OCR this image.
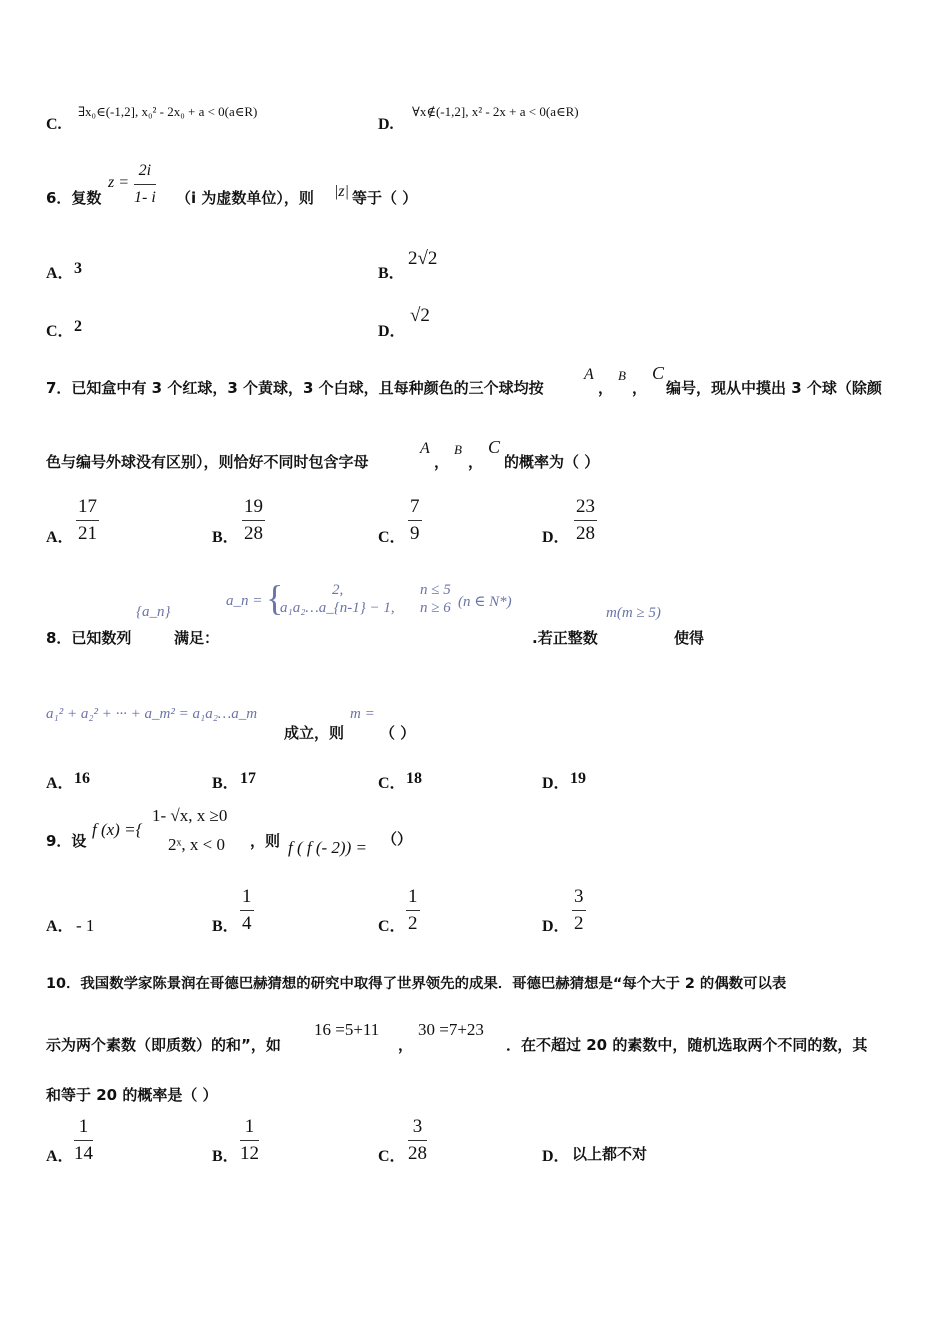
C.
∃x₀∈(-1,2], x₀² - 2x₀ + a < 0(a∈R)
D.
∀x∉(-1,2], x² - 2x + a < 0(a∈R)
6．复数
$z = \frac{2i}{1- i} (i$ 为虚数单位），则 |z| 等于（ ）
A． 3	B．
2√2
C． 2	D．
√2
7．已知盒中有 3 个红球，3 个黄球，3 个白球，且每种颜色的三个球均按
A
，
B
，
C
编号，现从中摸出 3 个球（除颜
色与编号外球没有区别），则恰好不同时包含字母
A
，
B
，
C
的概率为（ ）
A． $\frac{17}{21}$	B． $\frac{19}{28}$	C． $\frac{7}{9}$	D． $\frac{23}{28}$
8．已知数列
{a_n}
满足：
a_n = {	2,	n ≤ 5
a₁a₂…a_{n-1} − 1, n ≥ 6 (n ∈ N*)
.若正整数
m(m ≥ 5)
使得
a₁² + a₂² + ··· + a_m² = a₁a₂…a_m
成立，则
m =
（ ）
A． 16	B． 17	C． 18	D． 19
9．设
f (x) ={
1- √x, x ≥0
2ˣ, x < 0 ，则 f ( f (- 2)) = （）
A． - 1	B． $\frac{1}{4}$	C． $\frac{1}{2}$	D． $\frac{3}{2}$
10．我国数学家陈景润在哥德巴赫猜想的研究中取得了世界领先的成果．哥德巴赫猜想是“每个大于 2 的偶数可以表
示为两个素数（即质数）的和”，如
16 =5+11
，
30 =7+23
．在不超过 20 的素数中，随机选取两个不同的数，其
和等于 20 的概率是（ ）
A． $\frac{1}{14}$	B． $\frac{1}{12}$	C． $\frac{3}{28}$	D． 以上都不对
